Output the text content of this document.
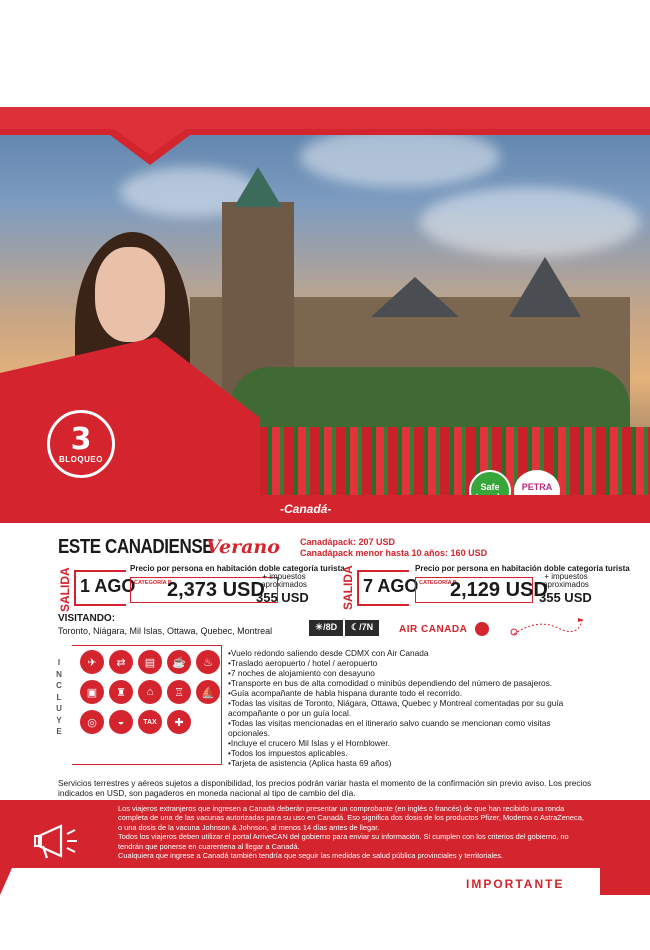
3
BLOQUEO
Safe	PETRA
-Canadá-
ESTE CANADIENSE
Verano Canadápack: 207 USD
Canadápack menor hasta 10 años: 160 USD
SALIDA 1 AGO
Precio por persona en habitación doble categoría turista
CATEGORÍA B
2,373 USD
+ impuestos aproximados
355 USD	SALIDA 7 AGO
Precio por persona en habitación doble categoría turista
CATEGORÍA B
2,129 USD
+ impuestos aproximados
355 USD
VISITANDO:
Toronto, Niágara, Mil Islas, Ottawa, Quebec, Montreal	☀/8D	☾/7N	AIR CANADA
I
N
C
L
U
Y
E
✈	⇄	▤	☕	♨
▣	♜	⌂	♖	⛵
◎	◒	TAX	✚
•Vuelo redondo saliendo desde CDMX con Air Canada
•Traslado aeropuerto / hotel / aeropuerto
•7 noches de alojamiento con desayuno
•Transporte en bus de alta comodidad o minibús dependiendo del número de pasajeros.
•Guía acompañante de habla hispana durante todo el recorrido.
•Todas las visitas de Toronto, Niágara, Ottawa, Quebec y Montreal comentadas por su guía acompañante o por un guía local.
•Todas las visitas mencionadas en el itinerario salvo cuando se mencionan como visitas opcionales.
•Incluye el crucero Mil Islas y el Hornblower.
•Todos los impuestos aplicables.
•Tarjeta de asistencia (Aplica hasta 69 años)
Servicios terrestres y aéreos sujetos a disponibilidad, los precios podrán variar hasta el momento de la confirmación sin previo aviso. Los precios indicados en USD, son pagaderos en moneda nacional al tipo de cambio del día.
Los viajeros extranjeros que ingresen a Canadá deberán presentar un comprobante (en inglés o francés) de que han recibido una ronda completa de una de las vacunas autorizadas para su uso en Canadá. Eso significa dos dosis de los productos Pfizer, Moderna o AstraZeneca, o una dosis de la vacuna Johnson & Johnson, al menos 14 días antes de llegar.
Todos los viajeros deben utilizar el portal ArriveCAN del gobierno para enviar su información. Si cumplen con los criterios del gobierno, no tendrán que ponerse en cuarentena al llegar a Canadá.
Cualquiera que ingrese a Canadá también tendría que seguir las medidas de salud pública provinciales y territoriales.
IMPORTANTE
!
